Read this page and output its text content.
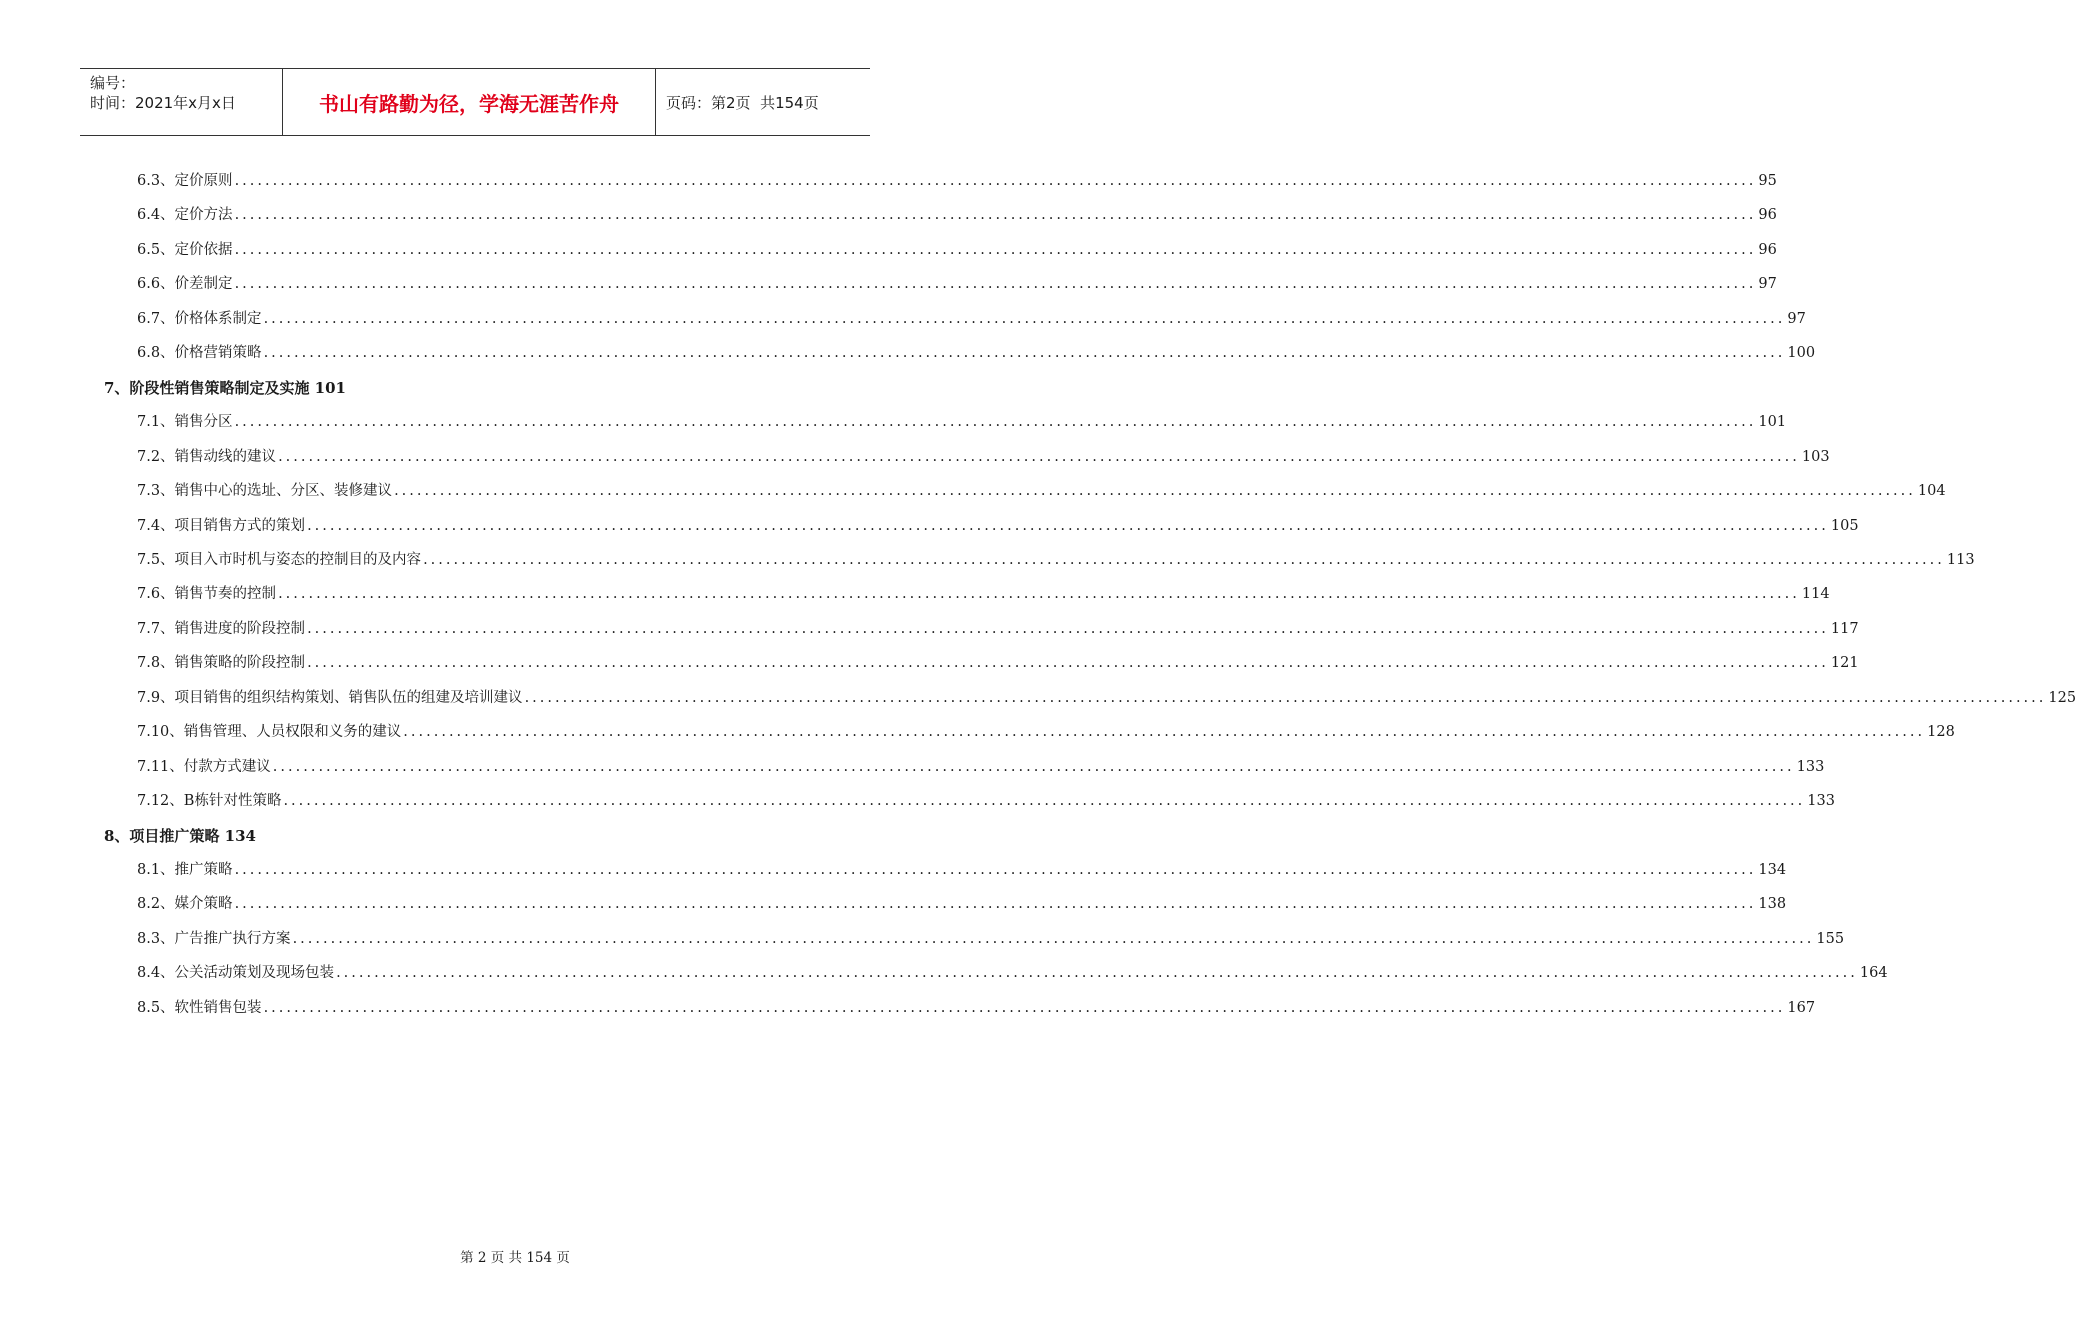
编号：
时间：2021年x月x日	书山有路勤为径，学海无涯苦作舟	页码：第2页  共154页
6.3、定价原则 ........................................................................................................................................................................................................ 95
6.4、定价方法 ........................................................................................................................................................................................................ 96
6.5、定价依据 ........................................................................................................................................................................................................ 96
6.6、价差制定 ........................................................................................................................................................................................................ 97
6.7、价格体系制定 ........................................................................................................................................................................................................ 97
6.8、价格营销策略 ........................................................................................................................................................................................................ 100
7、阶段性销售策略制定及实施 101
7.1、销售分区 ........................................................................................................................................................................................................ 101
7.2、销售动线的建议 ........................................................................................................................................................................................................ 103
7.3、销售中心的选址、分区、装修建议 ........................................................................................................................................................................................................ 104
7.4、项目销售方式的策划 ........................................................................................................................................................................................................ 105
7.5、项目入市时机与姿态的控制目的及内容 ........................................................................................................................................................................................................ 113
7.6、销售节奏的控制 ........................................................................................................................................................................................................ 114
7.7、销售进度的阶段控制 ........................................................................................................................................................................................................ 117
7.8、销售策略的阶段控制 ........................................................................................................................................................................................................ 121
7.9、项目销售的组织结构策划、销售队伍的组建及培训建议 ........................................................................................................................................................................................................ 125
7.10、销售管理、人员权限和义务的建议 ........................................................................................................................................................................................................ 128
7.11、付款方式建议 ........................................................................................................................................................................................................ 133
7.12、B栋针对性策略 ........................................................................................................................................................................................................ 133
8、项目推广策略 134
8.1、推广策略 ........................................................................................................................................................................................................ 134
8.2、媒介策略 ........................................................................................................................................................................................................ 138
8.3、广告推广执行方案 ........................................................................................................................................................................................................ 155
8.4、公关活动策划及现场包装 ........................................................................................................................................................................................................ 164
8.5、软性销售包装 ........................................................................................................................................................................................................ 167
第 2 页 共 154 页
